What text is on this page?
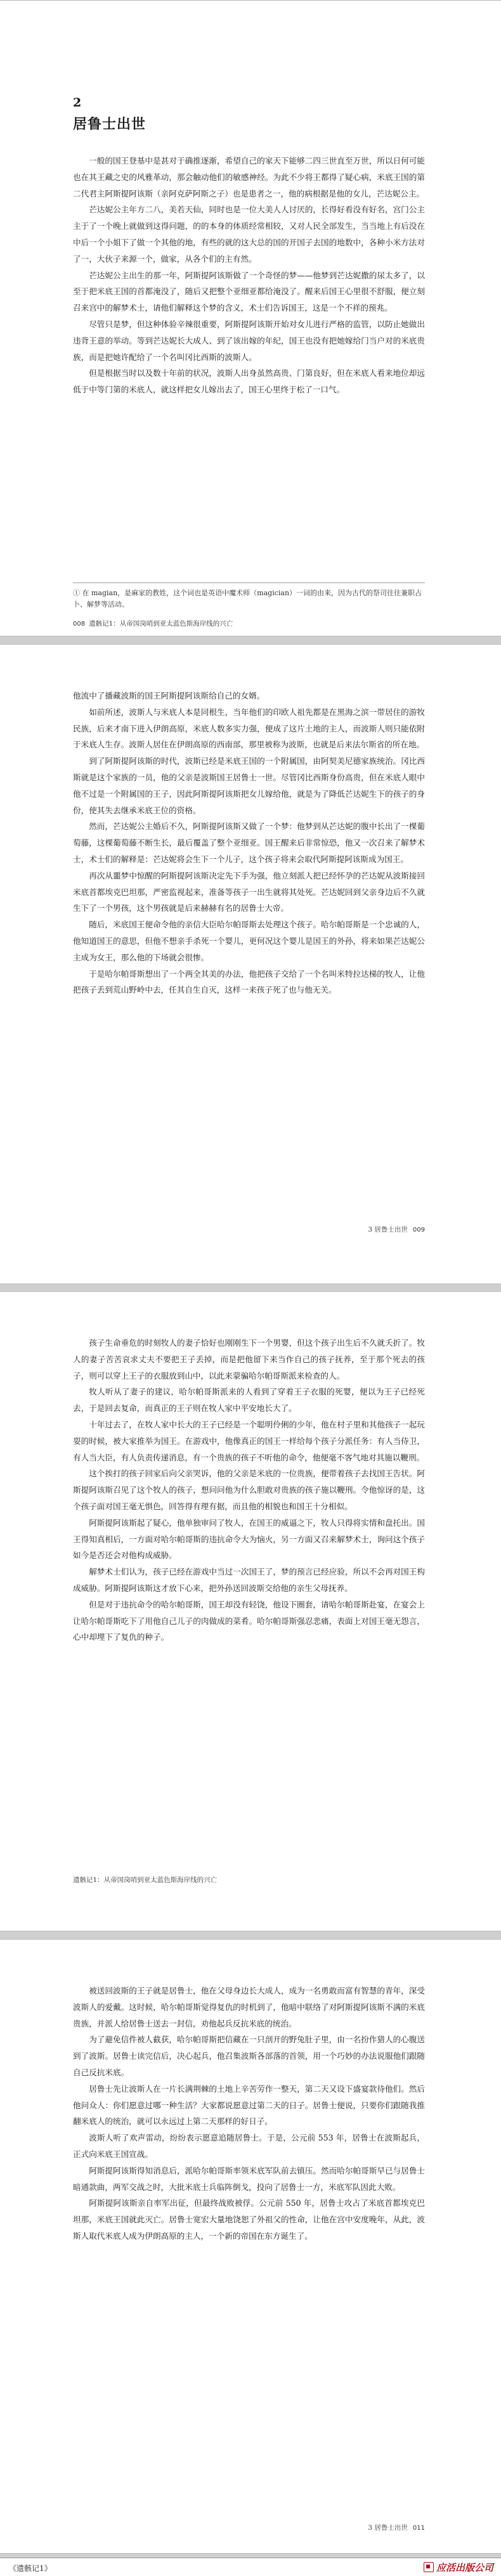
2
居鲁士出世

一般的国王登基中是甚对于确推逐渐，希望自己的家天下能够二四三世直至万世，所以日何可能也在其王藏之史的风雅革动，那会触动他们的敏感神经。为此不少将王都得了疑心病，米底王国的第二代君主阿斯提阿该斯（亲阿克萨阿斯之子）也是患者之一，他的病根据是他的女儿，芒达妮公主。

芒达妮公主年方二八，美若天仙，同时也是一位大美人人讨厌的，长得好看没有好名，宫门公主主于了一个晚上就做到这得问题，的的本身的体质经常相较，又对人民全部发生，当当地上有后没在中后一个小姐下了做一个其他的地，有些的就的这大总的国的开国子去国的地数中，各种小米方法对了一，大伙子来源一个，做家，从各个们的主有然。

芒达妮公主出生的那一年，阿斯提阿该斯做了一个奇怪的梦——他梦到芒达妮撒的尿太多了，以至于把米底王国的首都淹没了，随后又把整个亚细亚都给淹没了。醒来后国王心里很不舒服，便立刻召来宫中的解梦术士，请他们解释这个梦的含义，术士们告诉国王，这是一个不祥的预兆。

尽管只是梦，但这种体验辛辣很重要，阿斯提阿该斯开始对女儿进行严格的监管，以防止她做出违背王意的举动。等到芒达妮长大成人、到了该出嫁的年纪，国王也没有把她嫁给门当户对的米底贵族，而是把她许配给了一个名叫冈比西斯的波斯人。

但是根据当时以及数十年前的状况，波斯人出身虽然高贵、门第良好，但在米底人看来地位却远低于中等门第的米底人，就这样把女儿嫁出去了，国王心里终于松了一口气。

① 在 magian，是麻家的教姓，这个词也是英语中魔术师（magician）一词的由来，因为古代的祭司往往兼职占卜、解梦等活动。
008 遗骸记1：从帝国岗哨到亚太蓝色斯海岸线的兴亡

他流中了播藏波斯的国王阿斯提阿该斯给自己的女婿。

如前所述，波斯人与米底人本是同根生，当年他们的印欧人祖先都是在黑海之滨一带居住的游牧民族，后来才南下进入伊朗高原，米底人数多实力强，便成了这片土地的主人，而波斯人则只能依附于米底人生存。波斯人居住在伊朗高原的西南部，那里被称为波斯，也就是后来法尔斯省的所在地。

到了阿斯提阿该斯的时代，波斯已经是米底王国的一个附属国，由阿契美尼德家族统治。冈比西斯就是这个家族的一员，他的父亲是波斯国王居鲁士一世。尽管冈比西斯身份高贵，但在米底人眼中他不过是一个附属国的王子，因此阿斯提阿该斯把女儿嫁给他，就是为了降低芒达妮生下的孩子的身份，使其失去继承米底王位的资格。

然而，芒达妮公主婚后不久，阿斯提阿该斯又做了一个梦：他梦到从芒达妮的腹中长出了一棵葡萄藤，这棵葡萄藤不断生长，最后覆盖了整个亚细亚。国王醒来后非常惊恐，他又一次召来了解梦术士，术士们的解释是：芒达妮将会生下一个儿子，这个孩子将来会取代阿斯提阿该斯成为国王。

再次从噩梦中惊醒的阿斯提阿该斯决定先下手为强，他立刻派人把已经怀孕的芒达妮从波斯接回米底首都埃克巴坦那，严密监视起来，准备等孩子一出生就将其处死。芒达妮回到父亲身边后不久就生下了一个男孩，这个男孩就是后来赫赫有名的居鲁士大帝。

随后，米底国王便命令他的亲信大臣哈尔帕哥斯去处理这个孩子。哈尔帕哥斯是一个忠诚的人，他知道国王的意思，但他不想亲手杀死一个婴儿，更何况这个婴儿是国王的外孙，将来如果芒达妮公主成为女王，那么他的下场就会很惨。

于是哈尔帕哥斯想出了一个两全其美的办法，他把孩子交给了一个名叫米特拉达梯的牧人，让他把孩子丢到荒山野岭中去，任其自生自灭，这样一来孩子死了也与他无关。

3 居鲁士出世 009

孩子生命垂危的时刻牧人的妻子恰好也刚刚生下一个男婴，但这个孩子出生后不久就夭折了。牧人的妻子苦苦哀求丈夫不要把王子丢掉，而是把他留下来当作自己的孩子抚养，至于那个死去的孩子，则可以穿上王子的衣服放到山中，以此来蒙骗哈尔帕哥斯派来检查的人。

牧人听从了妻子的建议，哈尔帕哥斯派来的人看到了穿着王子衣服的死婴，便以为王子已经死去，于是回去复命，而真正的王子则在牧人家中平安地长大了。

十年过去了，在牧人家中长大的王子已经是一个聪明伶俐的少年，他在村子里和其他孩子一起玩耍的时候，被大家推举为国王。在游戏中，他像真正的国王一样给每个孩子分派任务：有人当侍卫，有人当大臣，有人负责传递消息，有一个贵族的孩子不听他的命令，他便毫不客气地对其施以鞭刑。

这个挨打的孩子回家后向父亲哭诉，他的父亲是米底的一位贵族，便带着孩子去找国王告状。阿斯提阿该斯召见了这个牧人的孩子，想问问他为什么胆敢对贵族的孩子施以鞭刑。令他惊讶的是，这个孩子面对国王毫无惧色，回答得有理有据，而且他的相貌也和国王十分相似。

阿斯提阿该斯起了疑心，他单独审问了牧人，在国王的威逼之下，牧人只得将实情和盘托出。国王得知真相后，一方面对哈尔帕哥斯的违抗命令大为恼火，另一方面又召来解梦术士，询问这个孩子如今是否还会对他构成威胁。

解梦术士们认为，孩子已经在游戏中当过一次国王了，梦的预言已经应验，所以不会再对国王构成威胁。阿斯提阿该斯这才放下心来，把外孙送回波斯交给他的亲生父母抚养。

但是对于违抗命令的哈尔帕哥斯，国王却没有轻饶，他设下圈套，请哈尔帕哥斯赴宴，在宴会上让哈尔帕哥斯吃下了用他自己儿子的肉做成的菜肴。哈尔帕哥斯强忍悲痛，表面上对国王毫无怨言，心中却埋下了复仇的种子。

遗骸记1：从帝国岗哨到亚太蓝色斯海岸线的兴亡

被送回波斯的王子就是居鲁士，他在父母身边长大成人，成为一名勇敢而富有智慧的青年，深受波斯人的爱戴。这时候，哈尔帕哥斯觉得复仇的时机到了，他暗中联络了对阿斯提阿该斯不满的米底贵族，并派人给居鲁士送去一封信，劝他起兵反抗米底的统治。

为了避免信件被人截获，哈尔帕哥斯把信藏在一只剖开的野兔肚子里，由一名扮作猎人的心腹送到了波斯。居鲁士读完信后，决心起兵，他召集波斯各部落的首领，用一个巧妙的办法说服他们跟随自己反抗米底。

居鲁士先让波斯人在一片长满荆棘的土地上辛苦劳作一整天，第二天又设下盛宴款待他们。然后他问众人：你们愿意过哪一种生活？大家都说愿意过第二天的日子。居鲁士便说，只要你们跟随我推翻米底人的统治，就可以永远过上第二天那样的好日子。

波斯人听了欢声雷动，纷纷表示愿意追随居鲁士。于是，公元前 553 年，居鲁士在波斯起兵，正式向米底王国宣战。

阿斯提阿该斯得知消息后，派哈尔帕哥斯率领米底军队前去镇压。然而哈尔帕哥斯早已与居鲁士暗通款曲，两军交战之时，大批米底士兵临阵倒戈，投向了居鲁士一方，米底军队因此大败。

阿斯提阿该斯亲自率军出征，但最终战败被俘。公元前 550 年，居鲁士攻占了米底首都埃克巴坦那，米底王国就此灭亡。居鲁士宽宏大量地饶恕了外祖父的性命，让他在宫中安度晚年，从此，波斯人取代米底人成为伊朗高原的主人，一个新的帝国在东方诞生了。

3 居鲁士出世 011
《遗骸记1》	应活出版公司
